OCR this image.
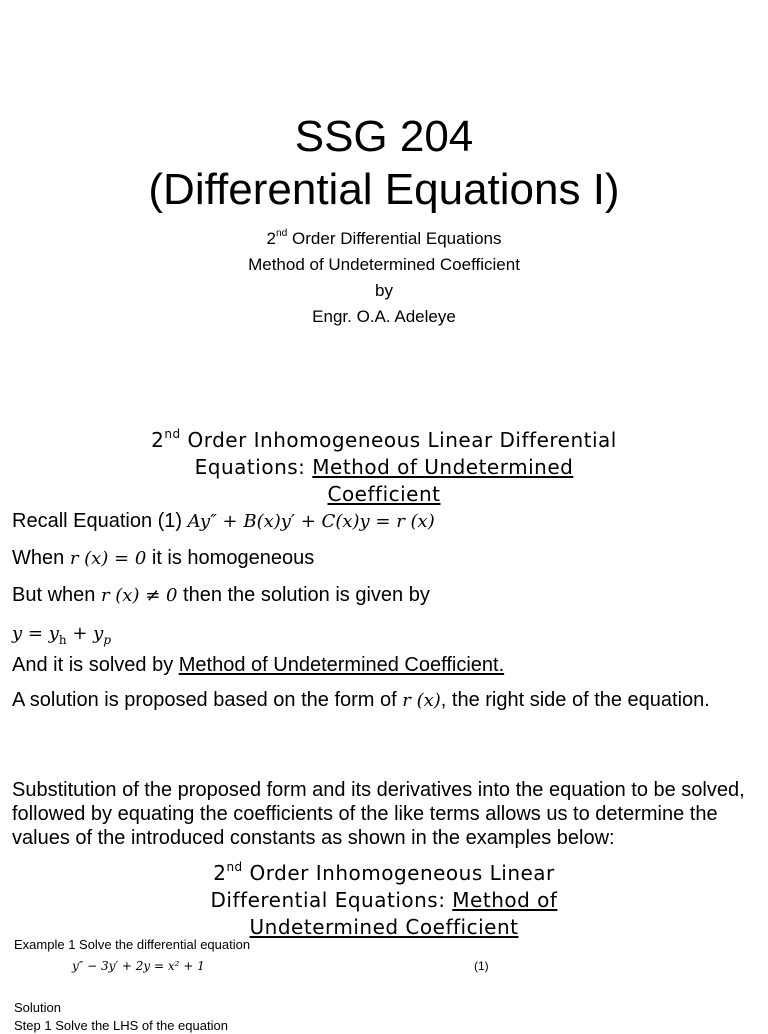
SSG 204
(Differential Equations I)
2nd Order Differential Equations
Method of Undetermined Coefficient
by
Engr. O.A. Adeleye
2nd Order Inhomogeneous Linear Differential
Equations: Method of Undetermined
Coefficient
Recall Equation (1) Ay″ + B(x)y′ + C(x)y = r (x)
When r (x) = 0 it is homogeneous
But when r (x) ≠ 0 then the solution is given by
$y = y_h + y_p$
And it is solved by Method of Undetermined Coefficient.
A solution is proposed based on the form of r (x), the right side of the equation.
Substitution of the proposed form and its derivatives into the equation to be solved, followed by equating the coefficients of the like terms allows us to determine the values of the introduced constants as shown in the examples below:
2nd Order Inhomogeneous Linear
Differential Equations: Method of
Undetermined Coefficient
Example 1 Solve the differential equation
y″ − 3y′ + 2y = x² + 1	(1)
Solution
Step 1 Solve the LHS of the equation
